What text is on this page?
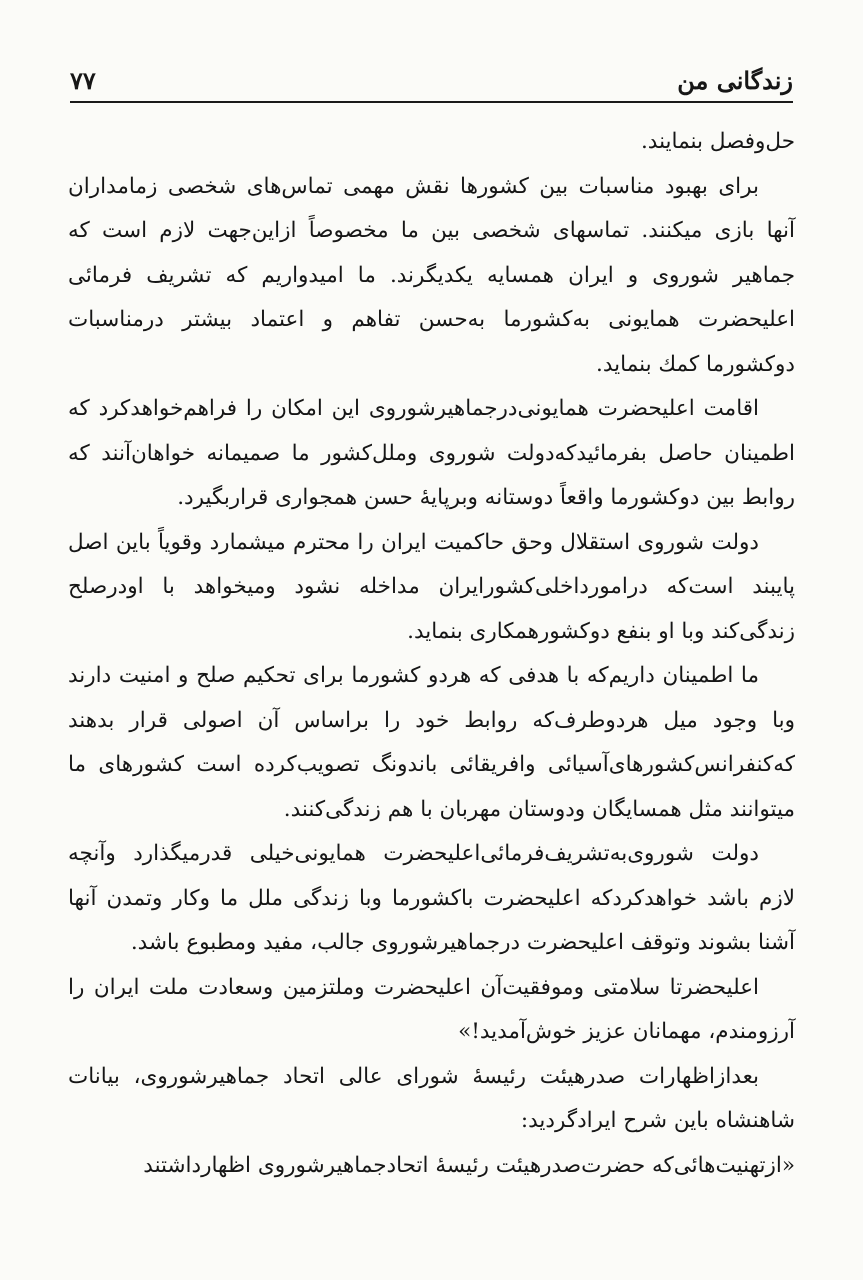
زندگانی من
۷۷

حل‌وفصل بنمایند.

برای بهبود مناسبات بین کشورها نقش مهمی تماس‌های شخصی زمامداران آنها بازی میکنند. تماسهای شخصی بین ما مخصوصاً ازاین‌جهت لازم است که جماهیر شوروی و ایران همسایه یکدیگرند. ما امیدواریم که تشریف فرمائی اعلیحضرت همایونی به‌کشورما به‌حسن تفاهم و اعتماد بیشتر درمناسبات دوکشورما کمك بنماید.

اقامت اعلیحضرت همایونی‌درجماهیرشوروی این امکان را فراهم‌خواهدکرد که اطمینان حاصل بفرمائیدکه‌دولت شوروی وملل‌کشور ما صمیمانه خواهان‌آنند که روابط بین دوکشورما واقعاً دوستانه وبرپایهٔ حسن همجواری قراربگیرد.

دولت شوروی استقلال وحق حاکمیت ایران را محترم میشمارد وقویاً باین اصل پایبند است‌که درامورداخلی‌کشورایران مداخله نشود ومیخواهد با اودرصلح زندگی‌کند وبا او بنفع دوکشورهمکاری بنماید.

ما اطمینان داریم‌که با هدفی که هردو کشورما برای تحکیم صلح و امنیت دارند وبا وجود میل هردوطرف‌که روابط خود را براساس آن اصولی قرار بدهند که‌کنفرانس‌کشورهای‌آسیائی وافریقائی باندونگ تصویب‌کرده است کشورهای ما میتوانند مثل همسایگان ودوستان مهربان با هم زندگی‌کنند.

دولت شوروی‌به‌تشریف‌فرمائی‌اعلیحضرت همایونی‌خیلی قدرمیگذارد وآنچه لازم باشد خواهدکردکه اعلیحضرت باکشورما وبا زندگی ملل ما وکار وتمدن آنها آشنا بشوند وتوقف اعلیحضرت درجماهیرشوروی جالب، مفید ومطبوع باشد.

اعلیحضرتا سلامتی وموفقیت‌آن اعلیحضرت وملتزمین وسعادت ملت ایران را آرزومندم، مهمانان عزیز خوش‌آمدید!»

بعدازاظهارات صدرهیئت رئیسهٔ شورای عالی اتحاد جماهیرشوروی، بیانات شاهنشاه باین شرح ایرادگردید:

«ازتهنیت‌هائی‌که حضرت‌صدرهیئت رئیسهٔ اتحادجماهیرشوروی اظهارداشتند
